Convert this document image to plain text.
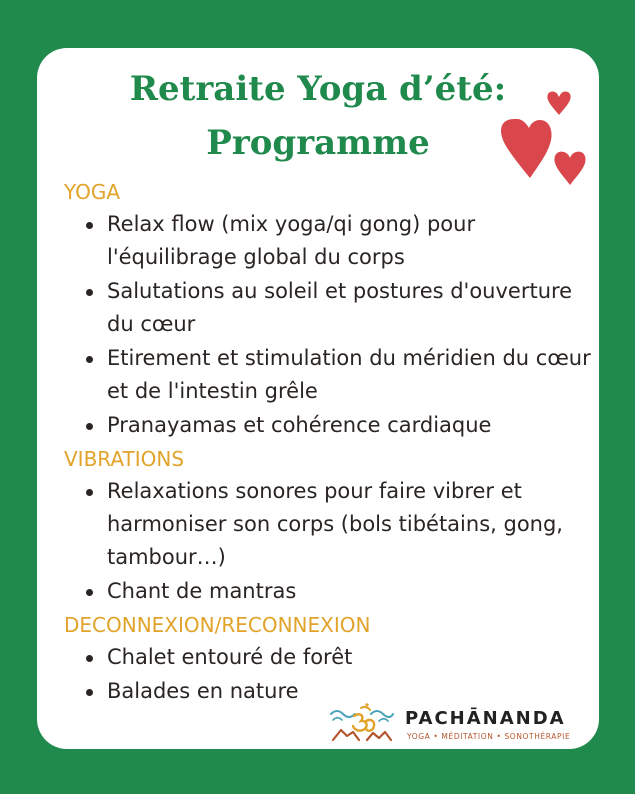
Retraite Yoga d’été:
Programme
YOGA
Relax flow (mix yoga/qi gong) pour l'équilibrage global du corps
Salutations au soleil et postures d'ouverture du cœur
Etirement et stimulation du méridien du cœur et de l'intestin grêle
Pranayamas et cohérence cardiaque
VIBRATIONS
Relaxations sonores pour faire vibrer et harmoniser son corps (bols tibétains, gong, tambour…)
Chant de mantras
DECONNEXION/RECONNEXION
Chalet entouré de forêt
Balades en nature
PACHĀNANDA
YOGA • MÉDITATION • SONOTHÉRAPIE
